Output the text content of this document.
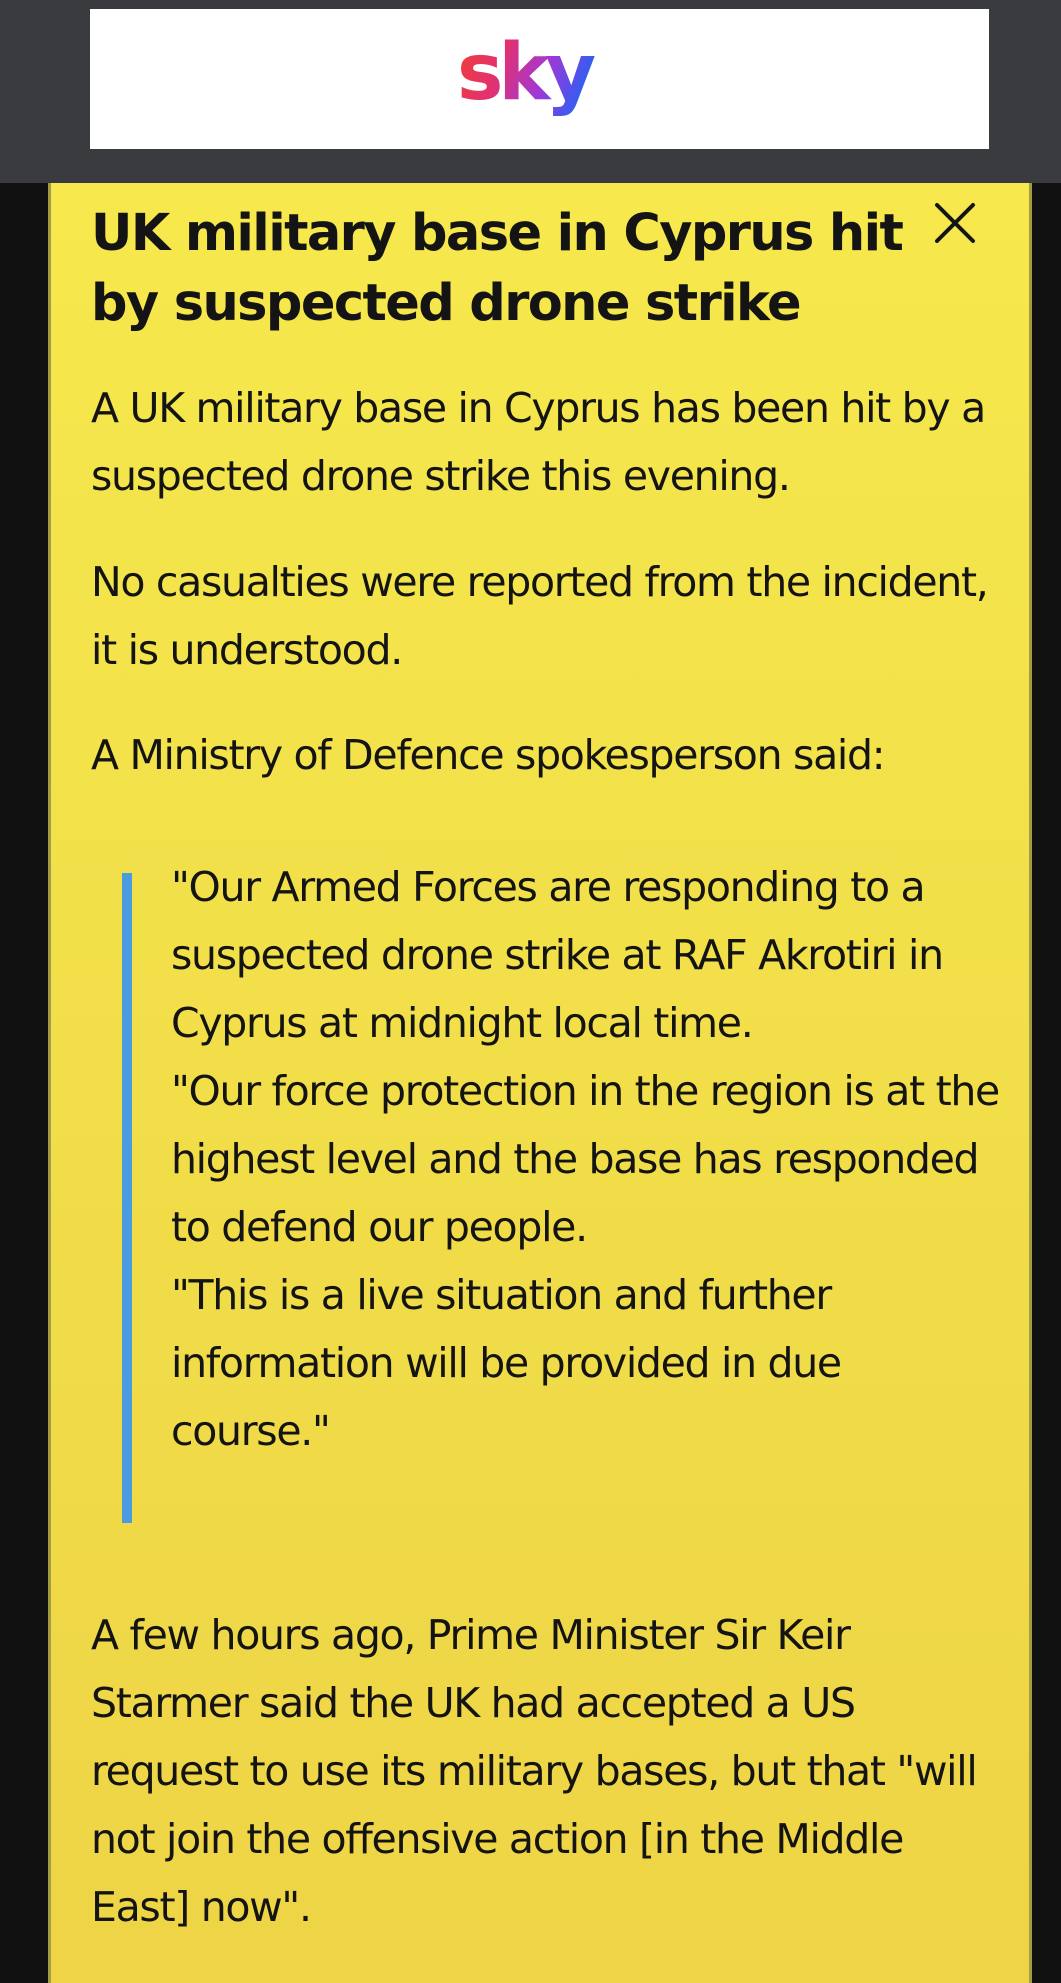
sky
UK military base in Cyprus hit by suspected drone strike

A UK military base in Cyprus has been hit by a suspected drone strike this evening.

No casualties were reported from the incident, it is understood.

A Ministry of Defence spokesperson said:

"Our Armed Forces are responding to a suspected drone strike at RAF Akrotiri in Cyprus at midnight local time.

"Our force protection in the region is at the highest level and the base has responded to defend our people.

"This is a live situation and further information will be provided in due course."

A few hours ago, Prime Minister Sir Keir Starmer said the UK had accepted a US request to use its military bases, but that "will not join the offensive action [in the Middle East] now".
